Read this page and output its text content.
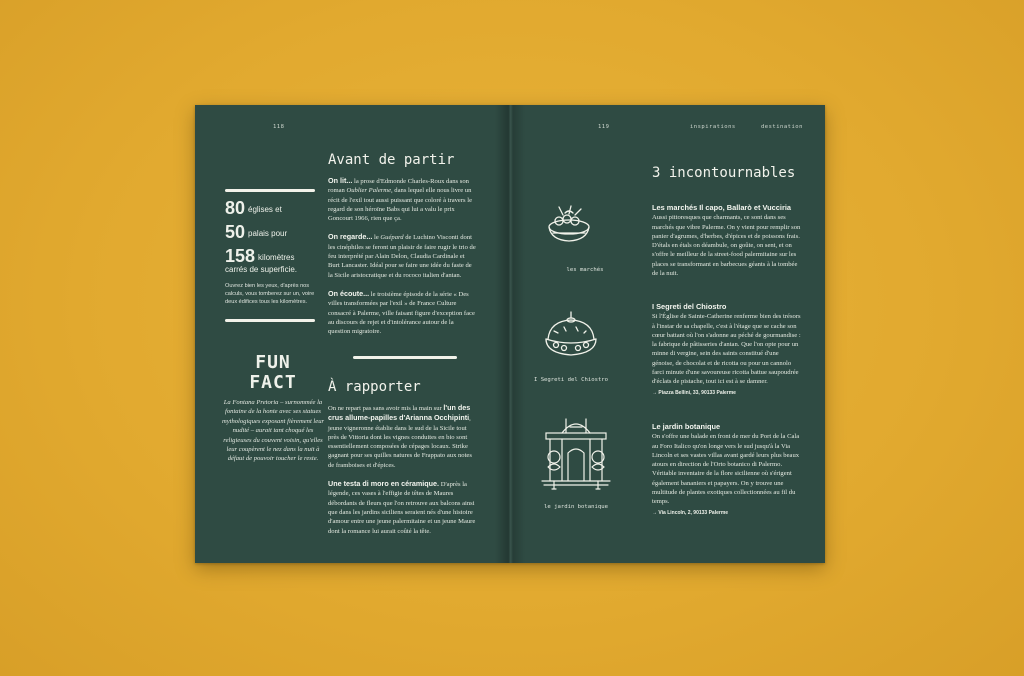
118
80 églises et
50 palais pour
158 kilomètres
carrés de superficie.
Ouvrez bien les yeux, d'après nos calculs, vous tomberez sur un, voire deux édifices tous les kilomètres.
FUN
FACT
La Fontana Pretoria – surnommée la fontaine de la honte avec ses statues mythologiques exposant fièrement leur nudité – aurait tant choqué les religieuses du couvent voisin, qu'elles leur coupèrent le nez dans la nuit à défaut de pouvoir toucher le reste.
Avant de partir

On lit... la prose d'Edmonde Charles-Roux dans son roman Oublier Palerme, dans lequel elle nous livre un récit de l'exil tout aussi puissant que coloré à travers le regard de son héroïne Babs qui lui a valu le prix Goncourt 1966, rien que ça.

On regarde... le Guépard de Luchino Visconti dont les cinéphiles se feront un plaisir de faire rugir le trio de feu interprété par Alain Delon, Claudia Cardinale et Burt Lancaster. Idéal pour se faire une idée du faste de la Sicile aristocratique et du rococo italien d'antan.

On écoute... le troisième épisode de la série « Des villes transformées par l'exil » de France Culture consacré à Palerme, ville faisant figure d'exception face au discours de rejet et d'intolérance autour de la question migratoire.

À rapporter

On ne repart pas sans avoir mis la main sur l'un des crus allume-papilles d'Arianna Occhipinti, jeune vigneronne établie dans le sud de la Sicile tout près de Vittoria dont les vignes conduites en bio sont essentiellement composées de cépages locaux. Strike gagnant pour ses quilles natures de Frappato aux notes de framboises et d'épices.

Une testa di moro en céramique. D'après la légende, ces vases à l'effigie de têtes de Maures débordants de fleurs que l'on retrouve aux balcons ainsi que dans les jardins siciliens seraient nés d'une histoire d'amour entre une jeune palermitaine et un jeune Maure dont la romance lui aurait coûté la tête.

119	inspirations	destination
3 incontournables
les marchés
I Segreti del Chiostro
le jardin botanique
Les marchés Il capo, Ballarò et Vucciria
Aussi pittoresques que charmants, ce sont dans ses marchés que vibre Palerme. On y vient pour remplir son panier d'agrumes, d'herbes, d'épices et de poissons frais. D'étals en étals on déambule, on goûte, on sent, et on s'offre le meilleur de la street-food palermitaine sur les places se transformant en barbecues géants à la tombée de la nuit.
I Segreti del Chiostro
Si l'Église de Sainte-Catherine renferme bien des trésors à l'instar de sa chapelle, c'est à l'étage que se cache son cœur battant où l'on s'adonne au péché de gourmandise : la fabrique de pâtisseries d'antan. Que l'on opte pour un minne di vergine, sein des saints constitué d'une génoise, de chocolat et de ricotta ou pour un cannolo farci minute d'une savoureuse ricotta battue saupoudrée d'éclats de pistache, tout ici est à se damner.
→ Piazza Bellini, 33, 90133 Palerme
Le jardin botanique
On s'offre une balade en front de mer du Port de la Cala au Foro Italico qu'on longe vers le sud jusqu'à la Via Lincoln et ses vastes villas avant gardé leurs plus beaux atours en direction de l'Orto botanico di Palermo. Véritable inventaire de la flore sicilienne où s'érigent également bananiers et papayers. On y trouve une multitude de plantes exotiques collectionnées au fil du temps.
→ Via Lincoln, 2, 90133 Palerme
